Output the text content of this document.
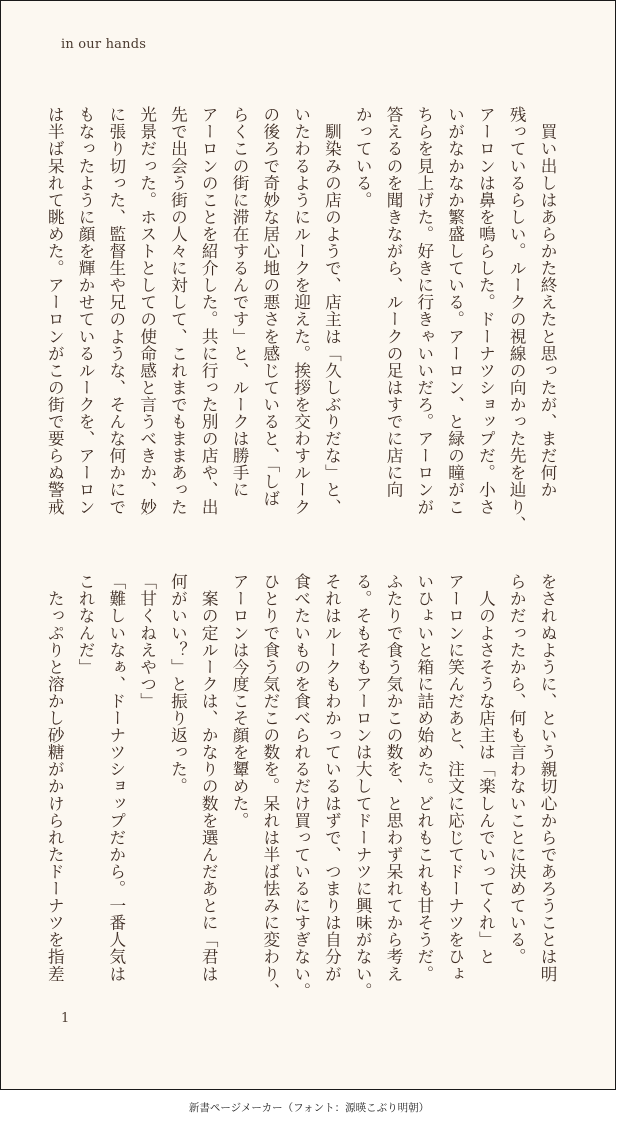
in our hands
　買い出しはあらかた終えたと思ったが、まだ何か
残っているらしい。ルークの視線の向かった先を辿り、
アーロンは鼻を鳴らした。ドーナツショップだ。小さ
いがなかなか繁盛している。アーロン、と緑の瞳がこ
ちらを見上げた。好きに行きゃいいだろ。アーロンが
答えるのを聞きながら、ルークの足はすでに店に向
かっている。
　馴染みの店のようで、店主は「久しぶりだな」と、
いたわるようにルークを迎えた。挨拶を交わすルーク
の後ろで奇妙な居心地の悪さを感じていると、「しば
らくこの街に滞在するんです」と、ルークは勝手に
アーロンのことを紹介した。共に行った別の店や、出
先で出会う街の人々に対して、これまでもままあった
光景だった。ホストとしての使命感と言うべきか、妙
に張り切った、監督生や兄のような、そんな何かにで
もなったように顔を輝かせているルークを、アーロン
は半ば呆れて眺めた。アーロンがこの街で要らぬ警戒
をされぬように、という親切心からであろうことは明
らかだったから、何も言わないことに決めている。
　人のよさそうな店主は「楽しんでいってくれ」と
アーロンに笑んだあと、注文に応じてドーナツをひょ
いひょいと箱に詰め始めた。どれもこれも甘そうだ。
ふたりで食う気かこの数を、と思わず呆れてから考え
る。そもそもアーロンは大してドーナツに興味がない。
それはルークもわかっているはずで、つまりは自分が
食べたいものを食べられるだけ買っているにすぎない。
ひとりで食う気だこの数を。呆れは半ば怯みに変わり、
アーロンは今度こそ顔を顰めた。
　案の定ルークは、かなりの数を選んだあとに「君は
何がいい？」と振り返った。
「甘くねえやつ」
「難しいなぁ、ドーナツショップだから。一番人気は
これなんだ」
　たっぷりと溶かし砂糖がかけられたドーナツを指差
1
新書ページメーカー（フォント：源暎こぶり明朝）
